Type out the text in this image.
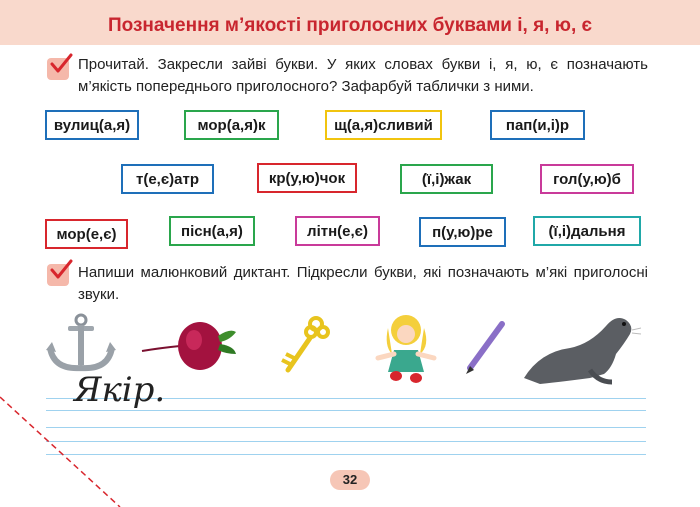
Позначення м’якості приголосних буквами і, я, ю, є
Прочитай. Закресли зайві букви. У яких словах букви і, я, ю, є позначають м’якість попереднього приголосного? Зафарбуй таблички з ними.
вулиц(а,я)	мор(а,я)к	щ(а,я)сливий	пап(и,і)р
т(е,є)атр	кр(у,ю)чок	(ї,і)жак	гол(у,ю)б
мор(е,є)	пісн(а,я)	літн(е,є)	п(у,ю)ре	(ї,і)дальня
Напиши малюнковий диктант. Підкресли букви, які позначають м’які приголосні звуки.
Якір.
32
